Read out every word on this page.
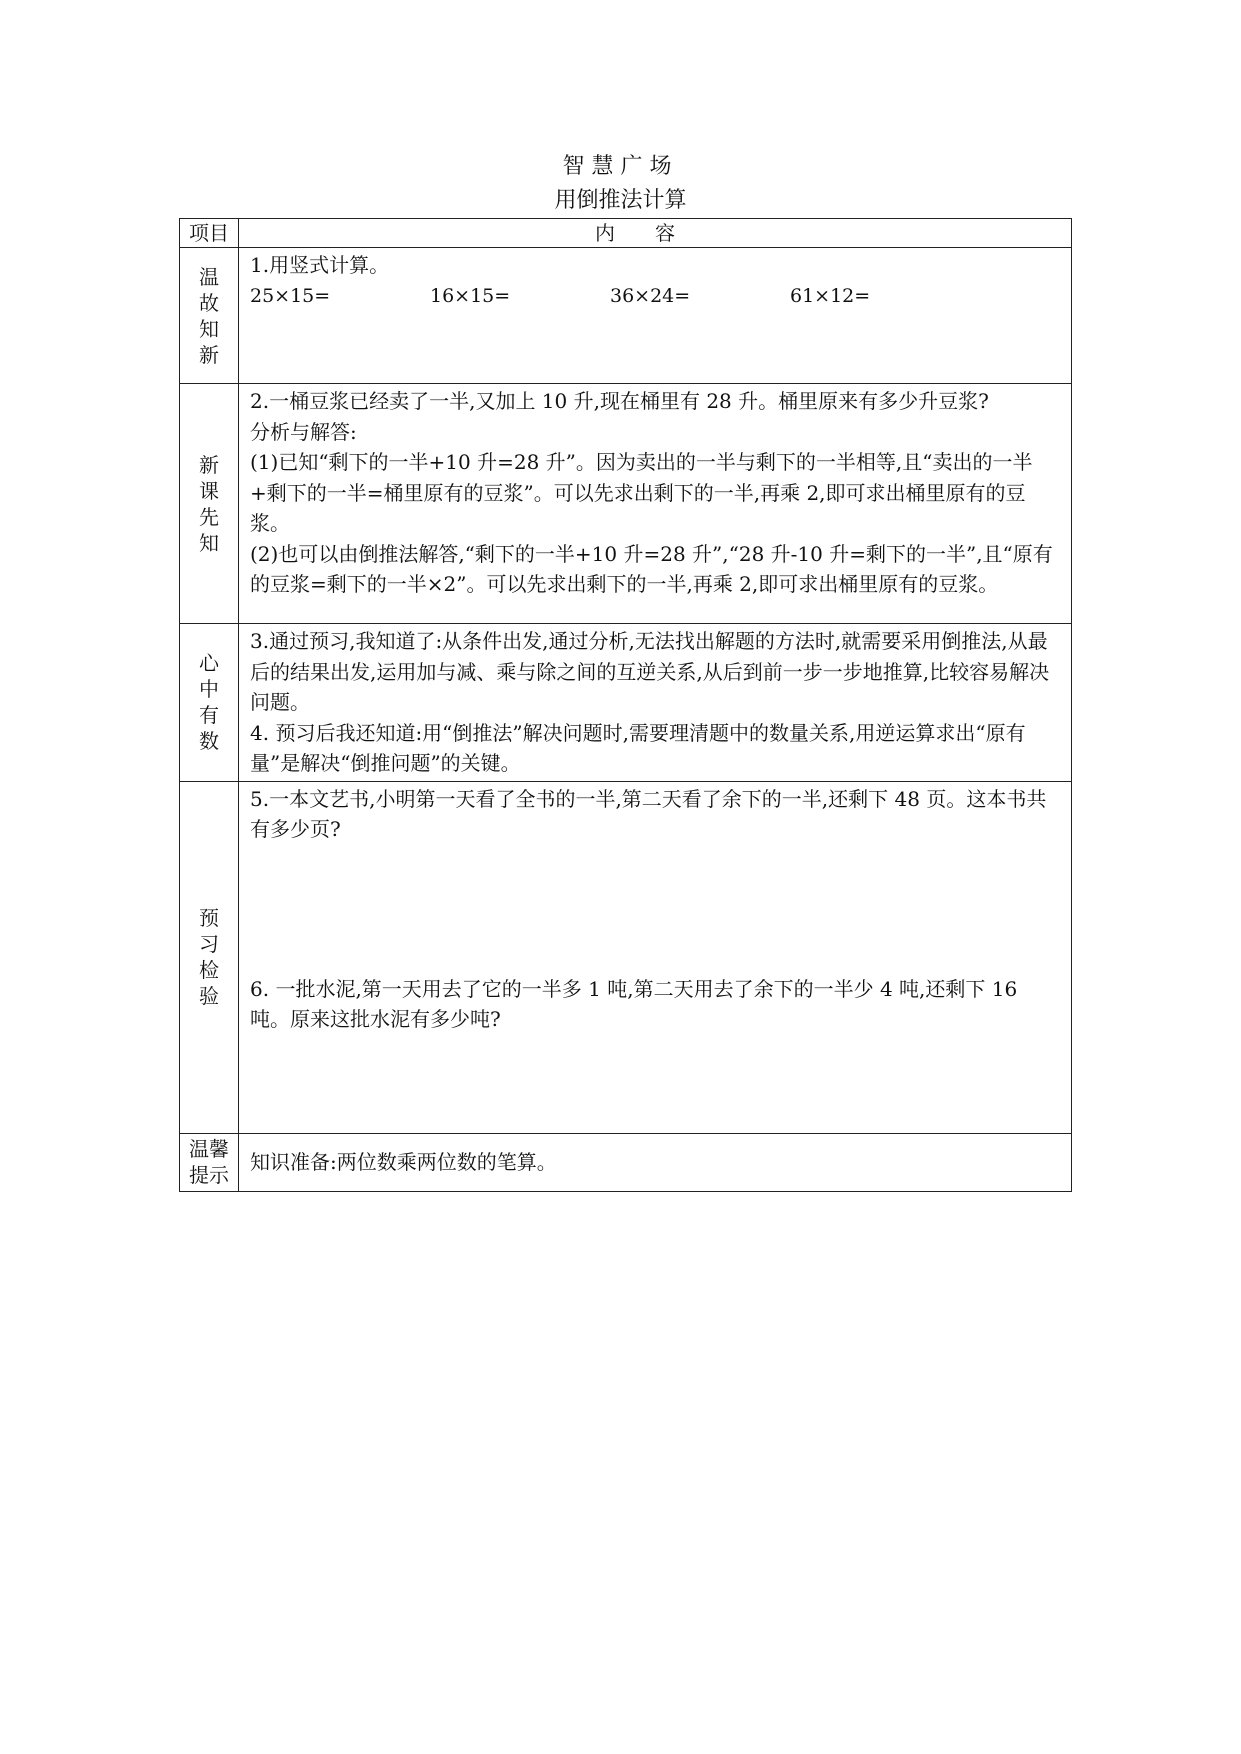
智慧广场
用倒推法计算
项目	内容
温故知新	1.用竖式计算。
25×15= 16×15= 36×24= 61×12=

新课先知	2.一桶豆浆已经卖了一半,又加上 10 升,现在桶里有 28 升。桶里原来有多少升豆浆?
分析与解答:
(1)已知“剩下的一半+10 升=28 升”。因为卖出的一半与剩下的一半相等,且“卖出的一半+剩下的一半=桶里原有的豆浆”。可以先求出剩下的一半,再乘 2,即可求出桶里原有的豆浆。
(2)也可以由倒推法解答,“剩下的一半+10 升=28 升”,“28 升-10 升=剩下的一半”,且“原有的豆浆=剩下的一半×2”。可以先求出剩下的一半,再乘 2,即可求出桶里原有的豆浆。

心中有数	3.通过预习,我知道了:从条件出发,通过分析,无法找出解题的方法时,就需要采用倒推法,从最后的结果出发,运用加与减、乘与除之间的互逆关系,从后到前一步一步地推算,比较容易解决问题。
4. 预习后我还知道:用“倒推法”解决问题时,需要理清题中的数量关系,用逆运算求出“原有量”是解决“倒推问题”的关键。

预习检验	5.一本文艺书,小明第一天看了全书的一半,第二天看了余下的一半,还剩下 48 页。这本书共有多少页?
6. 一批水泥,第一天用去了它的一半多 1 吨,第二天用去了余下的一半少 4 吨,还剩下 16 吨。原来这批水泥有多少吨?

温馨提示	知识准备:两位数乘两位数的笔算。
